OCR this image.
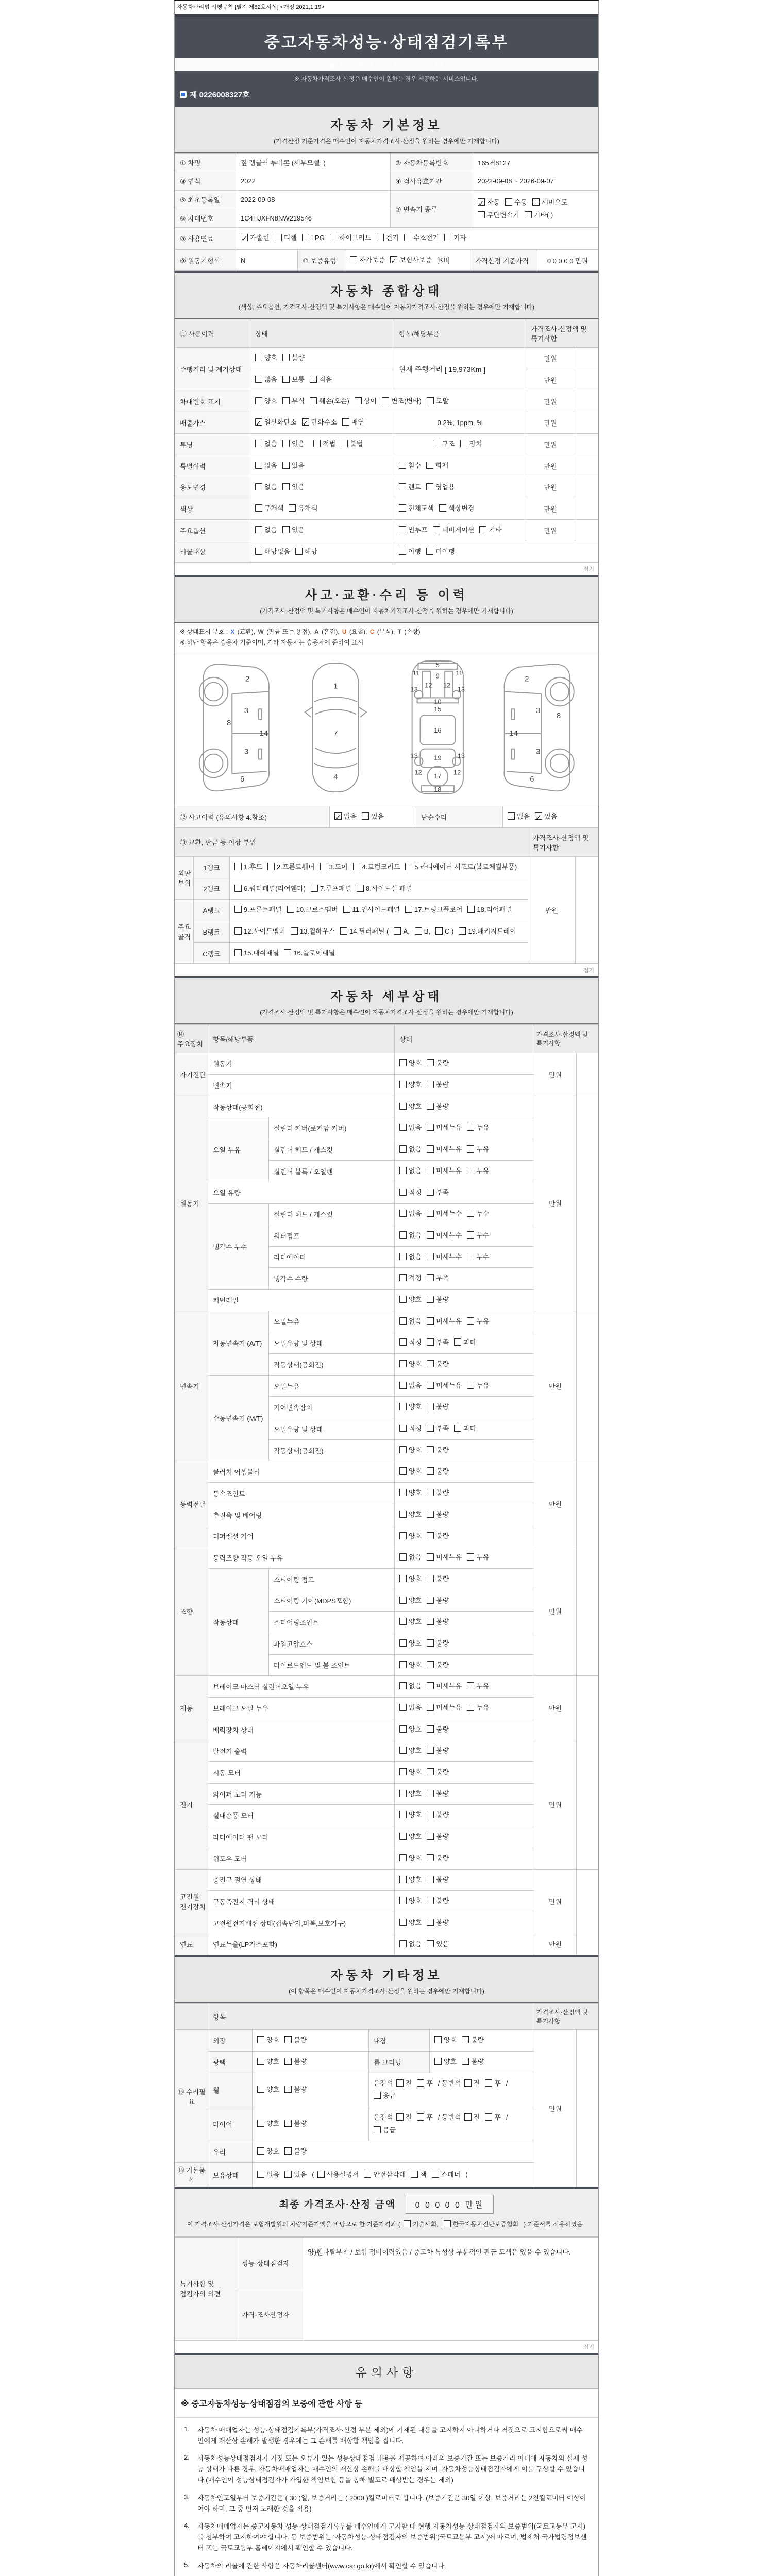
자동차관리법 시행규칙 [별지 제82호서식] <개정 2021,1,19>
중고자동차성능·상태점검기록부
( ■ 자동차가격조사·산정 선택 )
※ 자동차가격조사·산정은 매수인이 원하는 경우 제공하는 서비스입니다.
제 0226008327호
자동차 기본정보
(가격산정 기준가격은 매수인이 자동차가격조사·산정을 원하는 경우에만 기재합니다)
① 차명	짚 랭글러 루비콘 (세부모델: )	② 자동차등록번호	165거8127
③ 연식	2022	④ 검사유효기간	2022-09-08 ~ 2026-09-07
⑤ 최초등록일	2022-09-08	⑦ 변속기 종류	✓자동 수동 세미오토무단변속기 기타( )
⑥ 차대번호	1C4HJXFN8NW219546		
⑧ 사용연료	✓가솔린 디젤 LPG 하이브리드 전기 수소전기 기타
⑨ 원동기형식	N	⑩ 보증유형	자가보증 ✓ 보험사보증 [KB]	가격산정 기준가격	0 0 0 0 0 만원
자동차 종합상태
(색상, 주요옵션, 가격조사·산정액 및 특기사항은 매수인이 자동차가격조사·산정을 원하는 경우에만 기재합니다)
⑪ 사용이력	상태	항목/해당부품	가격조사·산정액 및 특기사항	
주행거리 및 계기상태	양호 불량	현재 주행거리 [ 19,973Km ]	만원	
	많음 보통 적음		만원	
차대번호 표기	양호 부식 훼손(오손) 상이 변조(변타) 도말		만원	
배출가스	✓일산화탄소 ✓ 탄화수소 매연	0.2%, 1ppm, %	만원	
튜닝	없음 있음 적법 불법	구조 장치	만원	
특별이력	없음 있음	침수 화재	만원	
용도변경	없음 있음	렌트 영업용	만원	
색상	무채색 유채색	전체도색 색상변경	만원	
주요옵션	없음 있음	썬루프 네비게이션 기타	만원	
리콜대상	해당없음 해당	이행 미이행		
접기
사고·교환·수리 등 이력
(가격조사·산정액 및 특기사항은 매수인이 자동차가격조사·산정을 원하는 경우에만 기재합니다)
※ 상태표시 부호 : X (교환), W (판금 또는 용접), A (흠집), U (요철), C (부식), T (손상)
※ 하단 항목은 승용차 기준이며, 기타 자동차는 승용차에 준하여 표시
2
8
3
14
3
6
1
7
4
5
11 9 11
13
12 12
13
10
15
16
13 19 13
12
17
12
18
2
3
8
14
3
6
⑫ 사고이력 (유의사항 4.참조)	✓없음 있음	단순수리	없음 ✓ 있음
⑬ 교환, 판금 등 이상 부위			가격조사·산정액 및 특기사항	
외판부위	1랭크	1.후드 2.프론트휀더 3.도어 4.트렁크리드 5.라디에이터 서포트(볼트체결부품)	만원	
	2랭크	6.쿼터패널(리어휀다) 7.루프패널 8.사이드실 패널		
주요골격	A랭크	9.프론트패널 10.크로스멤버 11.인사이드패널 17.트렁크플로어 18.리어패널		
	B랭크	12.사이드멤버 13.휠하우스 14.필러패널 ( A, B, C ) 19.패키지트레이		
	C랭크	15.대쉬패널 16.플로어패널		
접기
자동차 세부상태
(가격조사·산정액 및 특기사항은 매수인이 자동차가격조사·산정을 원하는 경우에만 기재합니다)
⑭ 주요장치	항목/해당부품		상태	가격조사·산정액 및 특기사항	
자기진단	원동기		양호 불량	만원	
	변속기		양호 불량		
원동기	작동상태(공회전)		양호 불량	만원	
	오일 누유	실린더 커버(로커암 커버)	없음 미세누유 누유		
		실린더 헤드 / 개스킷	없음 미세누유 누유		
		실린더 블록 / 오일팬	없음 미세누유 누유		
	오일 유량		적정 부족		
	냉각수 누수	실린더 헤드 / 개스킷	없음 미세누수 누수		
		워터펌프	없음 미세누수 누수		
		라디에이터	없음 미세누수 누수		
		냉각수 수량	적정 부족		
	커먼레일		양호 불량		
변속기	자동변속기 (A/T)	오일누유	없음 미세누유 누유	만원	
		오일유량 및 상태	적정 부족 과다		
		작동상태(공회전)	양호 불량		
	수동변속기 (M/T)	오일누유	없음 미세누유 누유		
		기어변속장치	양호 불량		
		오일유량 및 상태	적정 부족 과다		
		작동상태(공회전)	양호 불량		
동력전달	클러치 어셈블리		양호 불량	만원	
	등속죠인트		양호 불량		
	추진축 및 베어링		양호 불량		
	디퍼렌셜 기어		양호 불량		
조향	동력조향 작동 오일 누유		없음 미세누유 누유	만원	
	작동상태	스티어링 펌프	양호 불량		
		스티어링 기어(MDPS포함)	양호 불량		
		스티어링조인트	양호 불량		
		파워고압호스	양호 불량		
		타이로드엔드 및 볼 조인트	양호 불량		
제동	브레이크 마스터 실린더오일 누유		없음 미세누유 누유	만원	
	브레이크 오일 누유		없음 미세누유 누유		
	배력장치 상태		양호 불량		
전기	발전기 출력		양호 불량	만원	
	시동 모터		양호 불량		
	와이퍼 모터 기능		양호 불량		
	실내송풍 모터		양호 불량		
	라디에이터 팬 모터		양호 불량		
	윈도우 모터		양호 불량		
고전원 전기장치	충전구 절연 상태		양호 불량	만원	
	구동축전지 격리 상태		양호 불량		
	고전원전기배선 상태(접속단자,피복,보호기구)		양호 불량		
연료	연료누출(LP가스포함)		없음 있음	만원	
자동차 기타정보
(이 항목은 매수인이 자동차가격조사·산정을 원하는 경우에만 기재합니다)
	항목				가격조사·산정액 및 특기사항	
⑮ 수리필요	외장	양호 불량	내장	양호 불량	만원	
	광택	양호 불량	룸 크리닝	양호 불량		
	휠	양호 불량	운전석 전 후 / 동반석 전 후 /응급			
	타이어	양호 불량	운전석 전 후 / 동반석 전 후 /응급			
	유리	양호 불량				
⑯ 기본품목	보유상태	없음 있음 ( 사용설명서 안전삼각대 잭 스패너 )				
최종 가격조사·산정 금액 0 0 0 0 0 만원
이 가격조사·산정가격은 보험개발원의 차량기준가액을 바탕으로 한 기준가격과 ( 기술사회, 한국자동차진단보증협회 ) 기준서를 적용하였음
특기사항 및 점검자의 의견	성능·상태점검자	양)휀다탈부착 / 보험 정비이력있음 / 중고차 특성상 부분적인 판금 도색은 있을 수 있습니다.
	가격·조사산정자	
접기
유의사항
※ 중고자동차성능·상태점검의 보증에 관한 사항 등
1.	자동차 매매업자는 성능·상태점검기록부(가격조사·산정 부분 제외)에 기재된 내용을 고지하지 아니하거나 거짓으로 고지함으로써 매수인에게 재산상 손해가 발생한 경우에는 그 손해를 배상할 책임을 집니다.
2.	자동차성능상태점검자가 거짓 또는 오류가 있는 성능상태점검 내용을 제공하여 아래의 보증기간 또는 보증거리 이내에 자동차의 실제 성능 상태가 다른 경우, 자동차매매업자는 매수인의 재산상 손해를 배상할 책임을 지며, 자동차성능상태점검자에게 이를 구상할 수 있습니다.(매수인이 성능상태점검자가 가입한 책임보험 등을 통해 별도로 배상받는 경우는 제외)
3.	자동차인도일부터 보증기간은 ( 30 )일, 보증거리는 ( 2000 )킬로미터로 합니다. (보증기간은 30일 이상, 보증거리는 2천킬로미터 이상이어야 하며, 그 중 먼저 도래한 것을 적용)
4.	자동차매매업자는 중고자동차 성능·상태점검기록부를 매수인에게 고지할 때 현행 자동차성능·상태점검자의 보증범위(국토교통부 고시)를 첨부하여 고지하여야 합니다. 동 보증범위는 '자동차성능·상태점검자의 보증범위'(국토교통부 고시)에 따르며, 법제처 국가법령정보센터 또는 국토교통부 홈페이지에서 확인할 수 있습니다.
5.	자동차의 리콜에 관한 사항은 자동차리콜센터(www.car.go.kr)에서 확인할 수 있습니다.
